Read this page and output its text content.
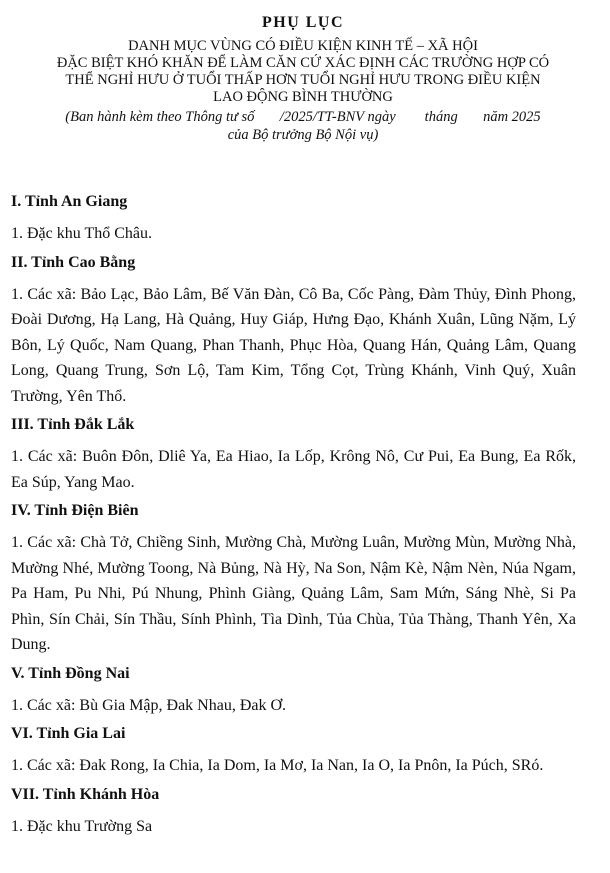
PHỤ LỤC

DANH MỤC VÙNG CÓ ĐIỀU KIỆN KINH TẾ – XÃ HỘI

ĐẶC BIỆT KHÓ KHĂN ĐỂ LÀM CĂN CỨ XÁC ĐỊNH CÁC TRƯỜNG HỢP CÓ

THỂ NGHỈ HƯU Ở TUỔI THẤP HƠN TUỔI NGHỈ HƯU TRONG ĐIỀU KIỆN

LAO ĐỘNG BÌNH THƯỜNG

(Ban hành kèm theo Thông tư số       /2025/TT-BNV ngày        tháng       năm 2025

của Bộ trưởng Bộ Nội vụ)

I. Tỉnh An Giang

1. Đặc khu Thổ Châu.

II. Tỉnh Cao Bằng

1. Các xã: Bảo Lạc, Bảo Lâm, Bế Văn Đàn, Cô Ba, Cốc Pàng, Đàm Thủy, Đình Phong, Đoài Dương, Hạ Lang, Hà Quảng, Huy Giáp, Hưng Đạo, Khánh Xuân, Lũng Nặm, Lý Bôn, Lý Quốc, Nam Quang, Phan Thanh, Phục Hòa, Quang Hán, Quảng Lâm, Quang Long, Quang Trung, Sơn Lộ, Tam Kim, Tổng Cọt, Trùng Khánh, Vinh Quý, Xuân Trường, Yên Thổ.

III. Tỉnh Đắk Lắk

1. Các xã: Buôn Đôn, Dliê Ya, Ea Hiao, Ia Lốp, Krông Nô, Cư Pui, Ea Bung, Ea Rốk, Ea Súp, Yang Mao.

IV. Tỉnh Điện Biên

1. Các xã: Chà Tở, Chiềng Sinh, Mường Chà, Mường Luân, Mường Mùn, Mường Nhà, Mường Nhé, Mường Toong, Nà Bủng, Nà Hỳ, Na Son, Nậm Kè, Nậm Nèn, Núa Ngam, Pa Ham, Pu Nhi, Pú Nhung, Phình Giàng, Quảng Lâm, Sam Mứn, Sáng Nhè, Si Pa Phìn, Sín Chải, Sín Thầu, Sính Phình, Tìa Dình, Tủa Chùa, Tủa Thàng, Thanh Yên, Xa Dung.

V. Tỉnh Đồng Nai

1. Các xã: Bù Gia Mập, Đak Nhau, Đak Ơ.

VI. Tỉnh Gia Lai

1. Các xã: Đak Rong, Ia Chia, Ia Dom, Ia Mơ, Ia Nan, Ia O, Ia Pnôn, Ia Púch, SRó.

VII. Tỉnh Khánh Hòa

1. Đặc khu Trường Sa
